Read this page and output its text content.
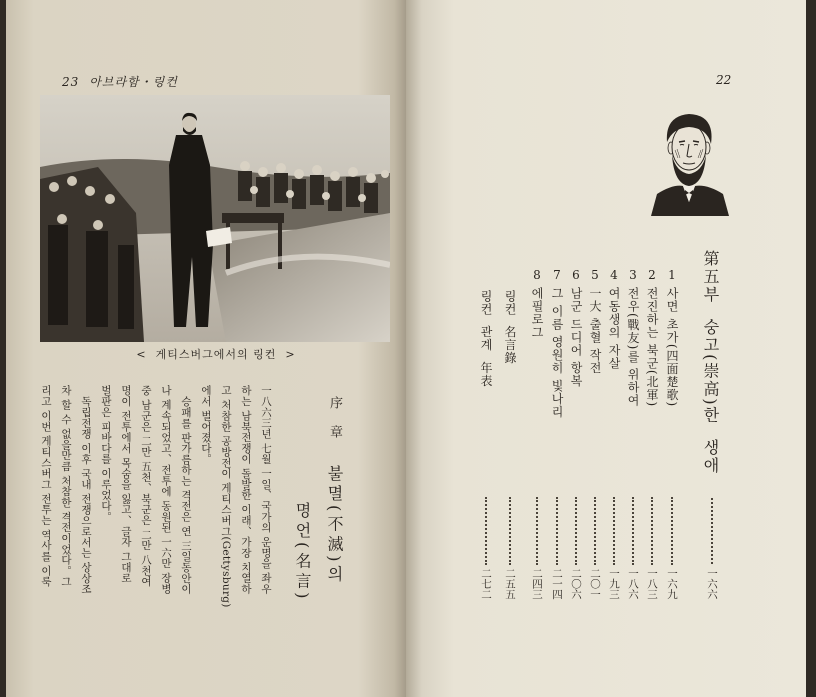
23 아브라함・링컨
<  게티스버그에서의 링컨  >
序 章
불멸(不滅)의
명언(名言)
一八六三년 七월 一일、국가의 운명을 좌우
하는 남북전쟁이 돌발한 이래、가장 치열하
고 처참한 공방전이 게티스버그(Gettysburg)
에서 벌어졌다。
승패를 판가름하는 격전은 연 三일동안이
나 계속되었고、전투에 동원된 一六만 장병
중 남군은 二만 五천、북군은 二만 八천여
명이 전투에서 목숨을 잃고、글자 그대로
벌판은 피바다를 이루었다。
독립전쟁 이후 국내 전쟁으로서는 상상조
차 할 수 없을만큼 처참한 격전이었다。그
리고 이번 게티스버그 전투는 역사를 이룩
22
第五부  숭고(崇高)한  생애
一六六
1사면 초가(四面楚歌)
一六九
2전진하는 북군(北軍)
一八三
3전우(戰友)를 위하여
一八六
4여동생의 자살
一九三
5一大 출혈 작전
二〇一
6남군 드디어 항복
二〇六
7그 이름 영원히 빛나리
二一四
8에필로그
二四三
링컨  名言錄
二五五
링컨  관계  年表
二七二
